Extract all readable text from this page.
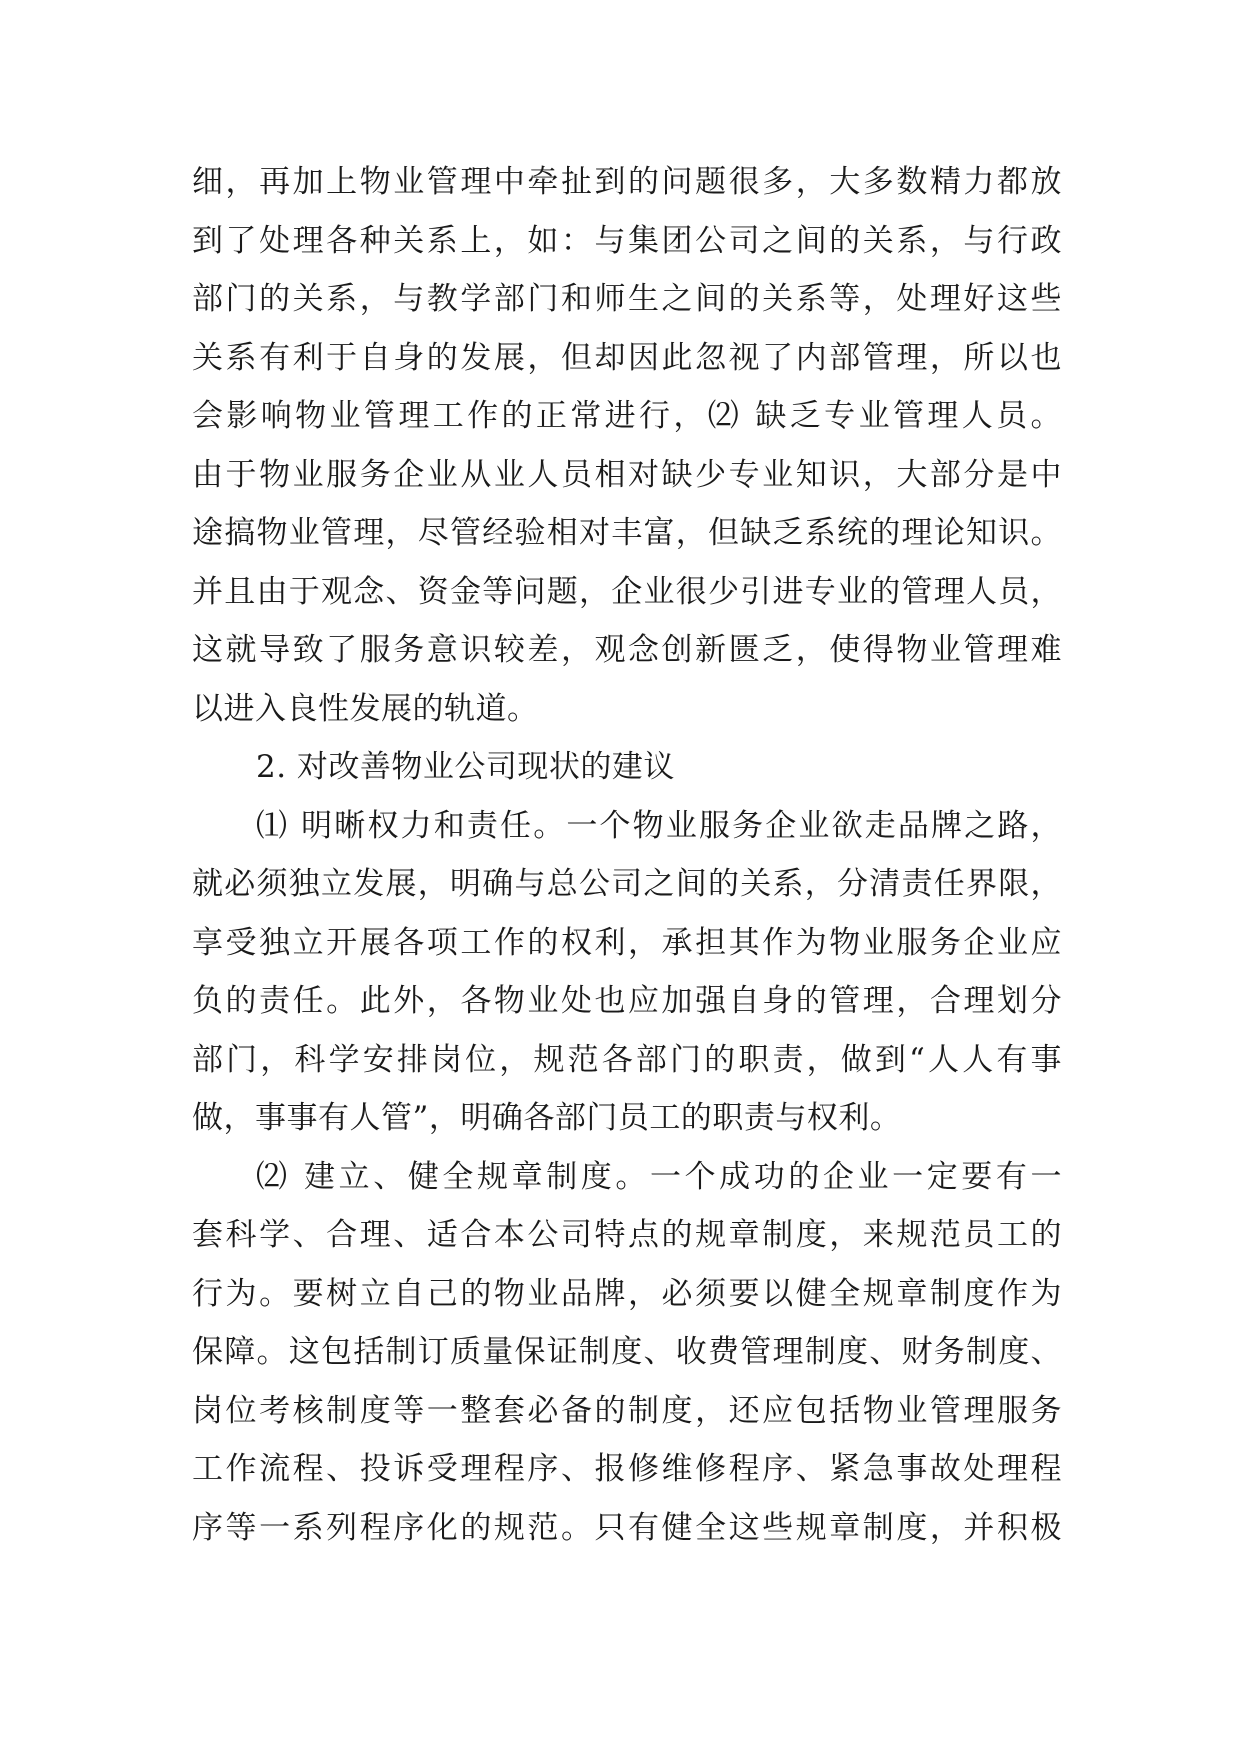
细，再加上物业管理中牵扯到的问题很多，大多数精力都放
到了处理各种关系上，如：与集团公司之间的关系，与行政
部门的关系，与教学部门和师生之间的关系等，处理好这些
关系有利于自身的发展，但却因此忽视了内部管理，所以也
会影响物业管理工作的正常进行，⑵ 缺乏专业管理人员。
由于物业服务企业从业人员相对缺少专业知识，大部分是中
途搞物业管理，尽管经验相对丰富，但缺乏系统的理论知识。
并且由于观念、资金等问题，企业很少引进专业的管理人员，
这就导致了服务意识较差，观念创新匮乏，使得物业管理难
以进入良性发展的轨道。
2. 对改善物业公司现状的建议
⑴ 明晰权力和责任。一个物业服务企业欲走品牌之路，
就必须独立发展，明确与总公司之间的关系，分清责任界限，
享受独立开展各项工作的权利，承担其作为物业服务企业应
负的责任。此外，各物业处也应加强自身的管理，合理划分
部门，科学安排岗位，规范各部门的职责，做到“人人有事
做，事事有人管”，明确各部门员工的职责与权利。
⑵ 建立、健全规章制度。一个成功的企业一定要有一
套科学、合理、适合本公司特点的规章制度，来规范员工的
行为。要树立自己的物业品牌，必须要以健全规章制度作为
保障。这包括制订质量保证制度、收费管理制度、财务制度、
岗位考核制度等一整套必备的制度，还应包括物业管理服务
工作流程、投诉受理程序、报修维修程序、紧急事故处理程
序等一系列程序化的规范。只有健全这些规章制度，并积极
